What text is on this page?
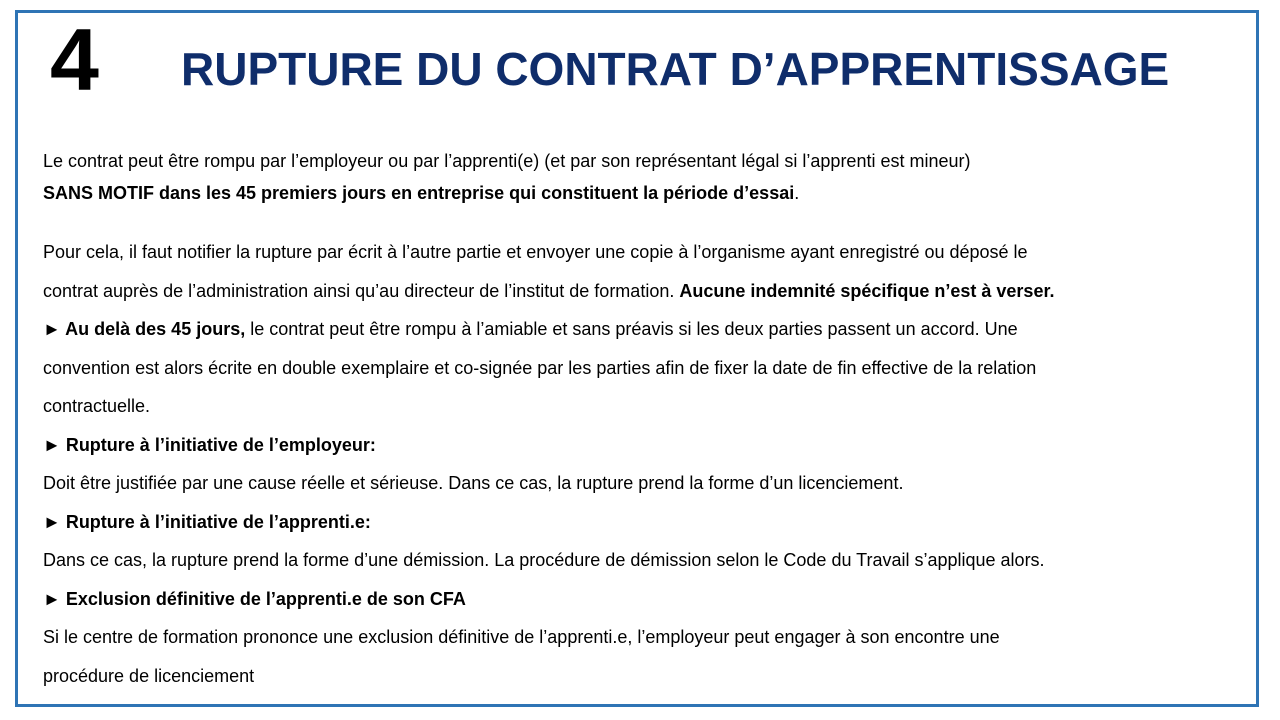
4 RUPTURE DU CONTRAT D’APPRENTISSAGE
Le contrat peut être rompu par l’employeur ou par l’apprenti(e) (et par son représentant légal si l’apprenti est mineur)
SANS MOTIF dans les 45 premiers jours en entreprise qui constituent la période d’essai.
Pour cela, il faut notifier la rupture par écrit à l’autre partie et envoyer une copie à l’organisme ayant enregistré ou déposé le
contrat auprès de l’administration ainsi qu’au directeur de l’institut de formation. Aucune indemnité spécifique n’est à verser.
► Au delà des 45 jours, le contrat peut être rompu à l’amiable et sans préavis si les deux parties passent un accord. Une
convention est alors écrite en double exemplaire et co-signée par les parties afin de fixer la date de fin effective de la relation
contractuelle.
► Rupture à l’initiative de l’employeur:
Doit être justifiée par une cause réelle et sérieuse. Dans ce cas, la rupture prend la forme d’un licenciement.
► Rupture à l’initiative de l’apprenti.e:
Dans ce cas, la rupture prend la forme d’une démission. La procédure de démission selon le Code du Travail s’applique alors.
► Exclusion définitive de l’apprenti.e de son CFA
Si le centre de formation prononce une exclusion définitive de l’apprenti.e, l’employeur peut engager à son encontre une
procédure de licenciement
